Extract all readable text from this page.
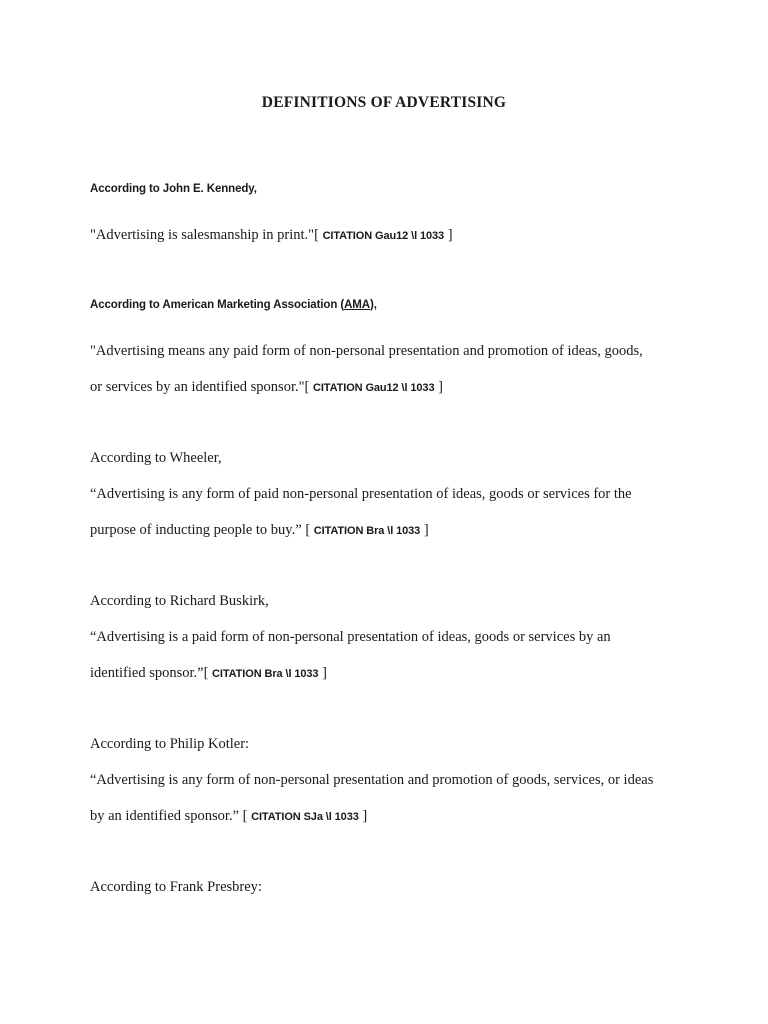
DEFINITIONS OF ADVERTISING
According to John E. Kennedy,
"Advertising is salesmanship in print."[ CITATION Gau12 \l 1033 ]
According to American Marketing Association (AMA),
"Advertising means any paid form of non-personal presentation and promotion of ideas, goods,
or services by an identified sponsor."[ CITATION Gau12 \l 1033 ]
According to Wheeler,
“Advertising is any form of paid non-personal presentation of ideas, goods or services for the
purpose of inducting people to buy.” [ CITATION Bra \l 1033 ]
According to Richard Buskirk,
“Advertising is a paid form of non-personal presentation of ideas, goods or services by an
identified sponsor.”[ CITATION Bra \l 1033 ]
According to Philip Kotler:
“Advertising is any form of non-personal presentation and promotion of goods, services, or ideas
by an identified sponsor.” [ CITATION SJa \l 1033 ]
According to Frank Presbrey:
